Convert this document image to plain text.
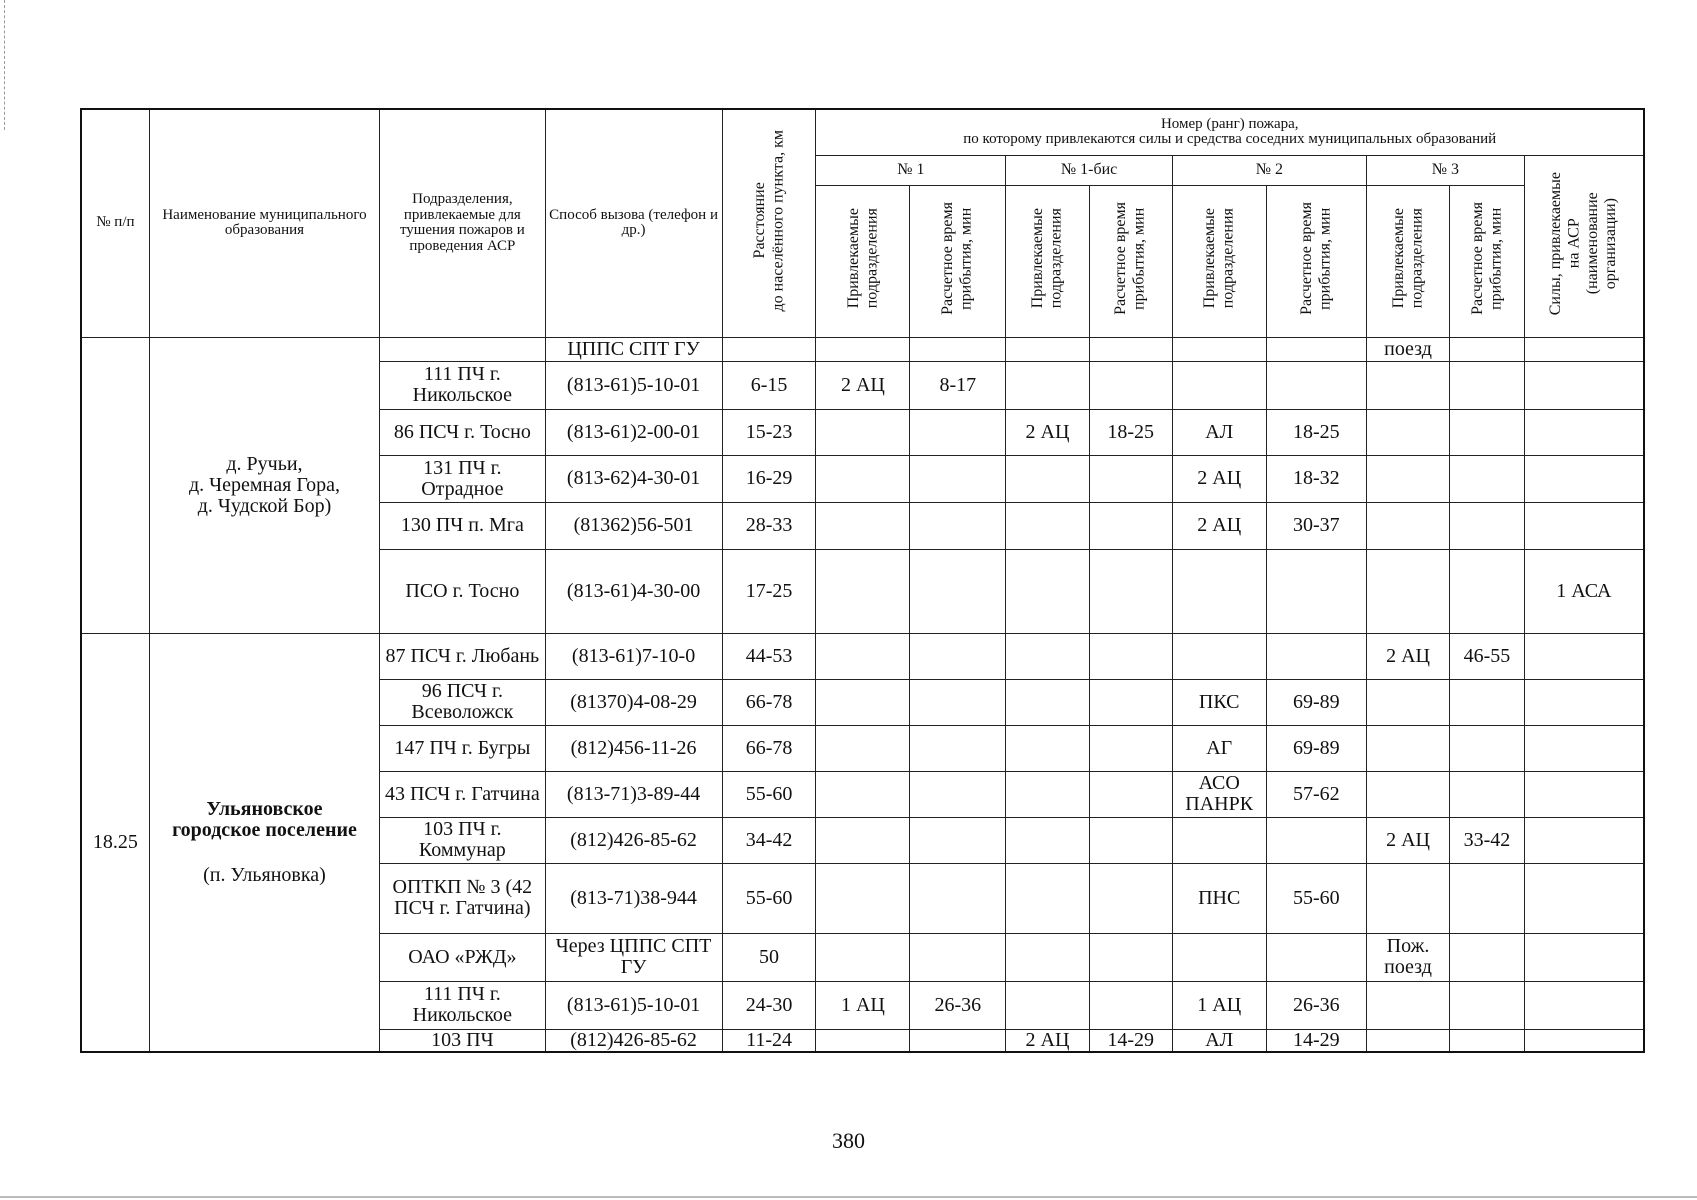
№ п/п	Наименование муниципального образования	Подразделения, привлекаемые для тушения пожаров и проведения АСР	Способ вызова (телефон и др.)	Расстояние
до населённого пункта, км	Номер (ранг) пожара,
по которому привлекаются силы и средства соседних муниципальных образований								

					№ 1		№ 1-бис		№ 2		№ 3		Силы, привлекаемые
на АСР
(наименование
организации)
					Привлекаемые
подразделения	Расчетное время
прибытия, мин	Привлекаемые
подразделения	Расчетное время
прибытия, мин	Привлекаемые
подразделения	Расчетное время
прибытия, мин	Привлекаемые
подразделения	Расчетное время
прибытия, мин	

	д. Ручьи,
д. Черемная Гора,
д. Чудской Бор)		ЦППС СПТ ГУ								поезд		
		111 ПЧ г. Никольское	(813-61)5-10-01	6-15	2 АЦ	8-17							
		86 ПСЧ г. Тосно	(813-61)2-00-01	15-23			2 АЦ	18-25	АЛ	18-25			
		131 ПЧ г. Отрадное	(813-62)4-30-01	16-29					2 АЦ	18-32			
		130 ПЧ п. Мга	(81362)56-501	28-33					2 АЦ	30-37			
		ПСО г. Тосно	(813-61)4-30-00	17-25									1 АСА
18.25	Ульяновское
городское поселение
(п. Ульяновка)	87 ПСЧ г. Любань	(813-61)7-10-0	44-53							2 АЦ	46-55	
		96 ПСЧ г. Всеволожск	(81370)4-08-29	66-78					ПКС	69-89			
		147 ПЧ г. Бугры	(812)456-11-26	66-78					АГ	69-89			
		43 ПСЧ г. Гатчина	(813-71)3-89-44	55-60					АСО ПАНРК	57-62			
		103 ПЧ г. Коммунар	(812)426-85-62	34-42							2 АЦ	33-42	
		ОПТКП № 3 (42 ПСЧ г. Гатчина)	(813-71)38-944	55-60					ПНС	55-60			
		ОАО «РЖД»	Через ЦППС СПТ ГУ	50							Пож. поезд		
		111 ПЧ г. Никольское	(813-61)5-10-01	24-30	1 АЦ	26-36			1 АЦ	26-36			
		103 ПЧ	(812)426-85-62	11-24			2 АЦ	14-29	АЛ	14-29			
380
